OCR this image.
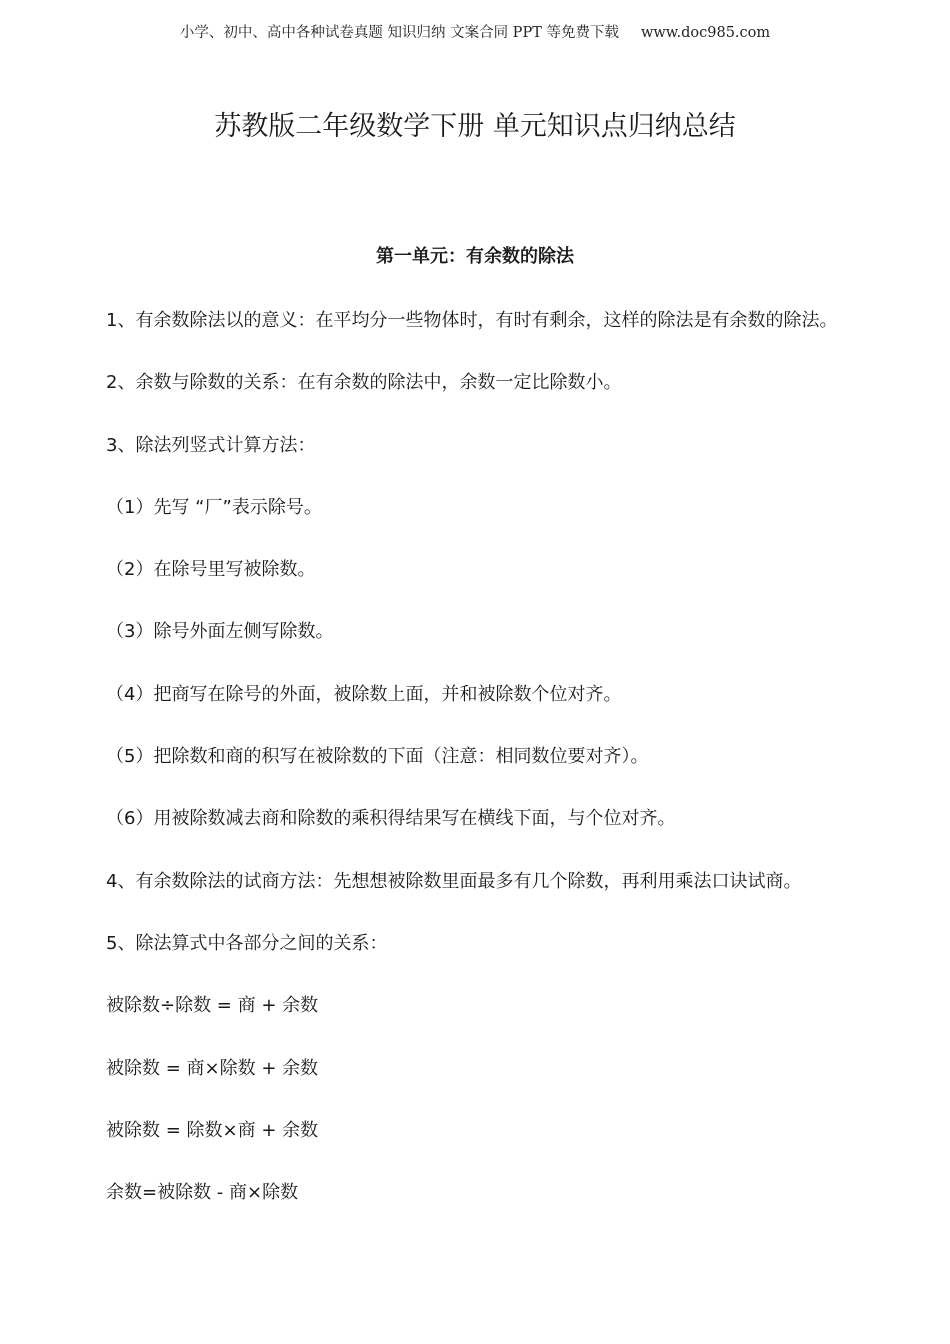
小学、初中、高中各种试卷真题 知识归纳 文案合同 PPT 等免费下载 www.doc985.com
苏教版二年级数学下册 单元知识点归纳总结
第一单元：有余数的除法
1、有余数除法以的意义：在平均分一些物体时，有时有剩余，这样的除法是有余数的除法。
2、余数与除数的关系：在有余数的除法中，余数一定比除数小。
3、除法列竖式计算方法：
（1）先写 “厂”表示除号。
（2）在除号里写被除数。
（3）除号外面左侧写除数。
（4）把商写在除号的外面，被除数上面，并和被除数个位对齐。
（5）把除数和商的积写在被除数的下面（注意：相同数位要对齐）。
（6）用被除数减去商和除数的乘积得结果写在横线下面，与个位对齐。
4、有余数除法的试商方法：先想想被除数里面最多有几个除数，再利用乘法口诀试商。
5、除法算式中各部分之间的关系：
被除数÷除数 = 商 + 余数
被除数 = 商×除数 + 余数
被除数 = 除数×商 + 余数
余数=被除数 - 商×除数
